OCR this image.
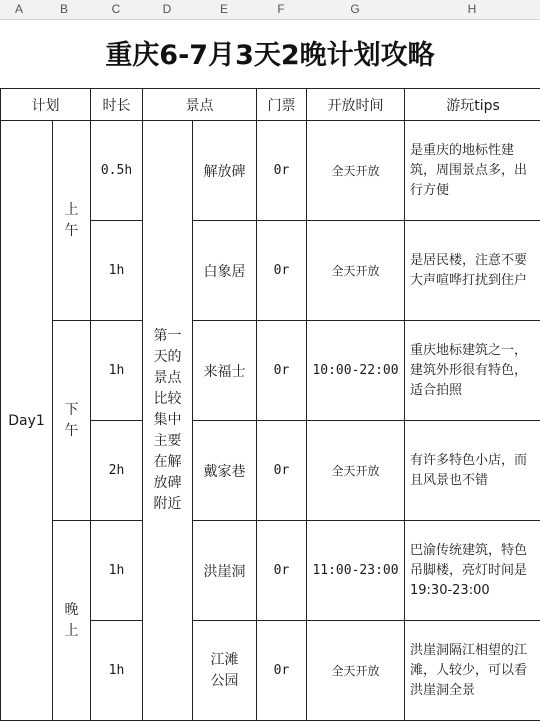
A	B	C	D	E	F	G	H
重庆6-7月3天2晚计划攻略
计划		时长	景点		门票	开放时间	游玩tips
Day1	上午	0.5h	第一天的景点比较集中主要在解放碑附近	解放碑	0r	全天开放	是重庆的地标性建筑，周围景点多，出行方便
		1h		白象居	0r	全天开放	是居民楼，注意不要大声喧哗打扰到住户
	下午	1h		来福士	0r	10:00-22:00	重庆地标建筑之一，建筑外形很有特色，适合拍照
		2h		戴家巷	0r	全天开放	有许多特色小店，而且风景也不错
	晚上	1h		洪崖洞	0r	11:00-23:00	巴渝传统建筑，特色吊脚楼，亮灯时间是19:30-23:00
		1h		江滩公园	0r	全天开放	洪崖洞隔江相望的江滩，人较少，可以看洪崖洞全景
